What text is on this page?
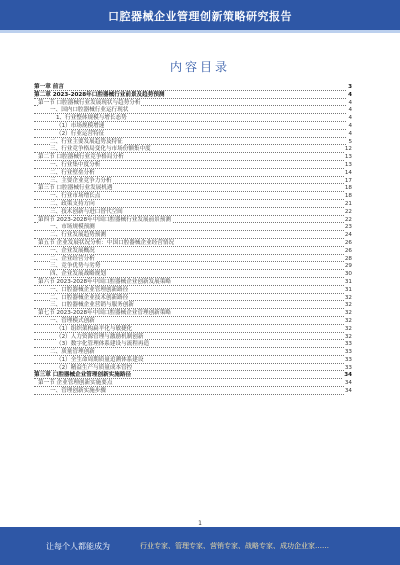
口腔器械企业管理创新策略研究报告
内容目录
第一章 前言	3
第二章 2023-2028年口腔器械行业前景及趋势预测	4
第一节 口腔器械行业发展现状与趋势分析	4
一、国内口腔器械行业运行现状	4
1、行业整体规模与增长态势	4
（1）市场规模增速	4
（2）行业运营特征	4
二、行业主要发展趋势及特征	5
三、行业竞争格局变化与市场份额集中度	12
第二节 口腔器械行业竞争格局分析	13
一、行业集中度分析	13
二、行业壁垒分析	14
三、主要企业竞争力分析	17
第三节 口腔器械行业发展机遇	18
一、行业市场增长点	18
二、政策支持方向	21
三、技术创新与进口替代空间	22
第四节 2023-2028年中国口腔器械行业发展前景预测	22
一、市场规模预测	23
二、行业发展趋势预测	24
第五节 企业发展状况分析：中国口腔器械企业经营情况	26
一、企业发展概况	26
二、企业经营分析	28
三、竞争优势与劣势	29
四、企业发展战略规划	30
第六节 2023-2028年中国口腔器械企业创新发展策略	31
一、口腔器械企业管理创新路径	31
二、口腔器械企业技术创新路径	32
三、口腔器械企业营销与服务创新	32
第七节 2023-2028年中国口腔器械企业管理创新策略	32
一、管理模式创新	32
（1）组织架构扁平化与敏捷化	32
（2）人力资源管理与激励机制创新	32
（3）数字化管理体系建设与流程再造	33
二、质量管理创新	33
（1）全生命周期质量追溯体系建设	33
（2）精益生产与质量成本管控	33
第三章 口腔器械企业管理创新实施路径	34
第一节 企业管理创新实施要点	34
一、管理创新实施步骤	34
1
让每个人都能成为	行业专家、管理专家、营销专家、战略专家、成功企业家……
